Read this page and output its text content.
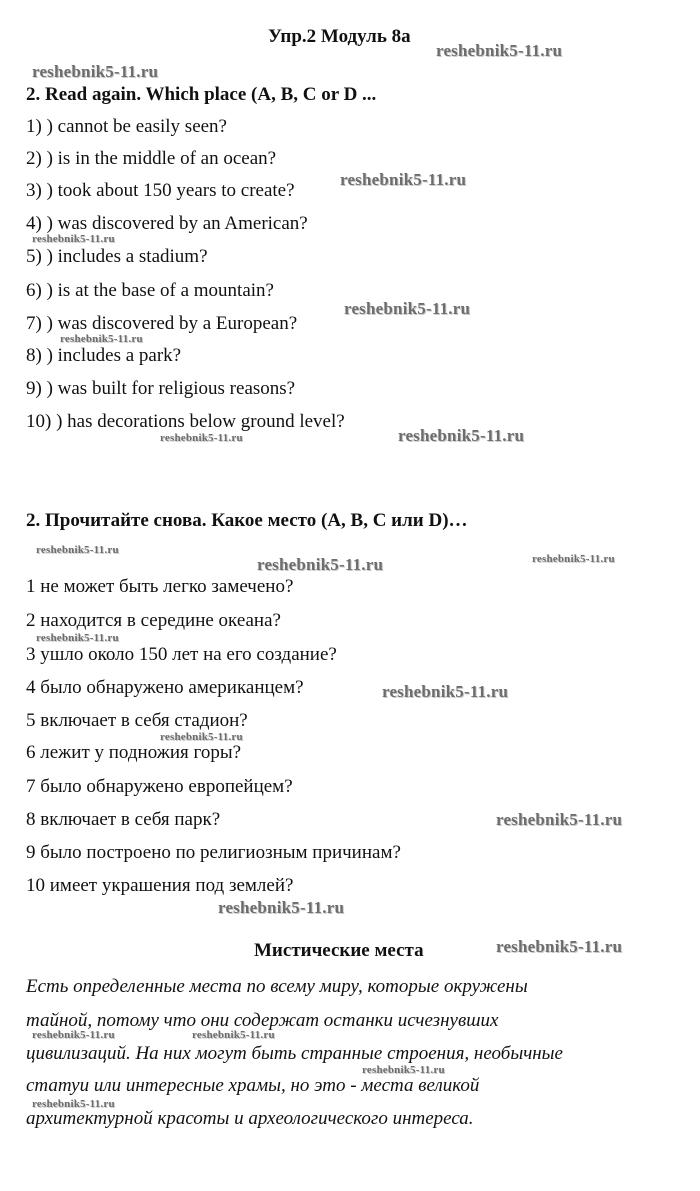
Упр.2 Модуль 8а
2. Read again. Which place (A, B, C or D ...
1) ) cannot be easily seen?
2) ) is in the middle of an ocean?
3) ) took about 150 years to create?
4) ) was discovered by an American?
5) ) includes a stadium?
6) ) is at the base of a mountain?
7) ) was discovered by a European?
8) ) includes a park?
9) ) was built for religious reasons?
10) ) has decorations below ground level?
2. Прочитайте снова. Какое место (А, В, С или D)…
1 не может быть легко замечено?
2 находится в середине океана?
3 ушло около 150 лет на его создание?
4 было обнаружено американцем?
5 включает в себя стадион?
6 лежит у подножия горы?
7 было обнаружено европейцем?
8 включает в себя парк?
9 было построено по религиозным причинам?
10 имеет украшения под землей?
Мистические места
Есть определенные места по всему миру, которые окружены
тайной, потому что они содержат останки исчезнувших
цивилизаций. На них могут быть странные строения, необычные
статуи или интересные храмы, но это - места великой
архитектурной красоты и археологического интереса.
reshebnik5-11.ru
reshebnik5-11.ru
reshebnik5-11.ru
reshebnik5-11.ru
reshebnik5-11.ru
reshebnik5-11.ru
reshebnik5-11.ru	reshebnik5-11.ru
reshebnik5-11.ru
reshebnik5-11.ru	reshebnik5-11.ru
reshebnik5-11.ru
reshebnik5-11.ru
reshebnik5-11.ru
reshebnik5-11.ru
reshebnik5-11.ru
reshebnik5-11.ru
reshebnik5-11.ru	reshebnik5-11.ru
reshebnik5-11.ru
reshebnik5-11.ru
